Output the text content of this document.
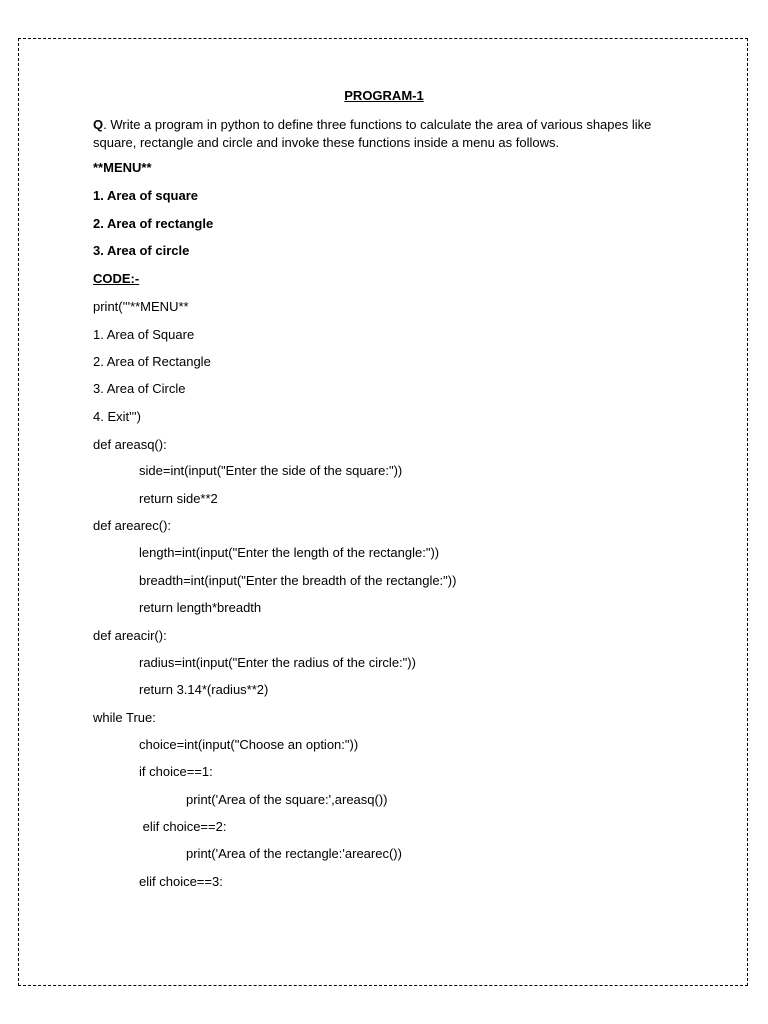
PROGRAM-1
Q. Write a program in python to define three functions to calculate the area of various shapes like square, rectangle and circle and invoke these functions inside a menu as follows.
**MENU**
1. Area of square
2. Area of rectangle
3. Area of circle
CODE:-
print('''**MENU**
1. Area of Square
2. Area of Rectangle
3. Area of Circle
4. Exit''')
def areasq():
side=int(input("Enter the side of the square:"))
return side**2
def arearec():
length=int(input("Enter the length of the rectangle:"))
breadth=int(input("Enter the breadth of the rectangle:"))
return length*breadth
def areacir():
radius=int(input("Enter the radius of the circle:"))
return 3.14*(radius**2)
while True:
choice=int(input("Choose an option:"))
if choice==1:
print('Area of the square:',areasq())
elif choice==2:
print('Area of the rectangle:'arearec())
elif choice==3:
